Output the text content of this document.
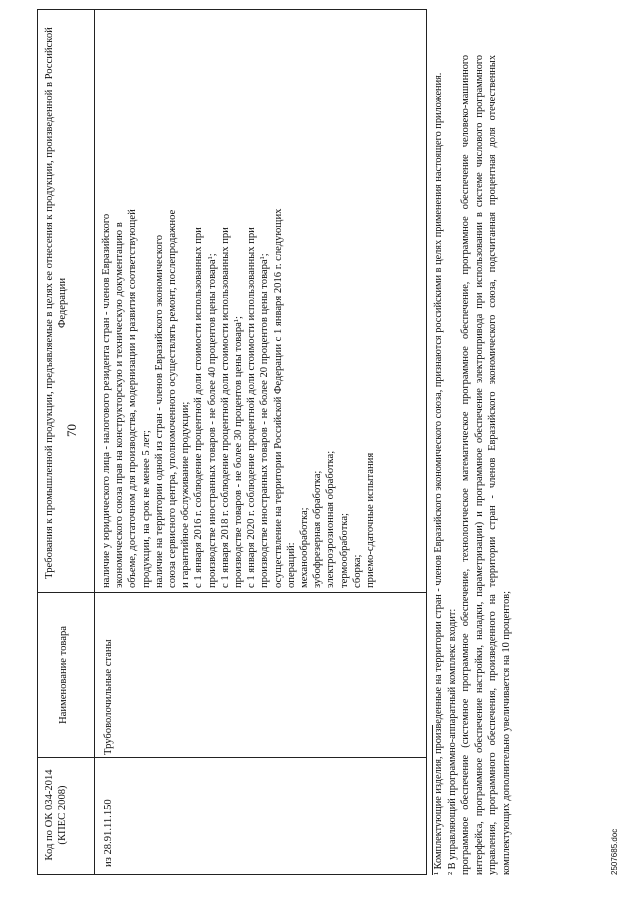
70
Код по ОК 034-2014 (КПЕС 2008)
Наименование товара
Требования к промышленной продукции, предъявляемые в целях ее отнесения к продукции, произведенной в Российской Федерации
из 28.91.11.150
Трубоволочильные станы
наличие у юридического лица - налогового резидента стран - членов Евразийского экономического союза прав на конструкторскую и техническую документацию в объеме, достаточном для производства, модернизации и развития соответствующей продукции, на срок не менее 5 лет; наличие на территории одной из стран - членов Евразийского экономического союза сервисного центра, уполномоченного осуществлять ремонт, послепродажное и гарантийное обслуживание продукции; с 1 января 2016 г. соблюдение процентной доли стоимости использованных при производстве иностранных товаров - не более 40 процентов цены товара¹; с 1 января 2018 г. соблюдение процентной доли стоимости использованных при производстве товаров - не более 30 процентов цены товара¹; с 1 января 2020 г. соблюдение процентной доли стоимости использованных при производстве иностранных товаров - не более 20 процентов цены товара¹; осуществление на территории Российской Федерации с 1 января 2016 г. следующих операций: механообработка; зубофрезерная обработка; электроэрозионная обработка; термообработка; сборка; приемо-сдаточные испытания	¹ Комплектующие изделия, произведенные на территории стран - членов Евразийского экономического союза, признаются российскими в целях применения настоящего приложения. ² В управляющий программно-аппаратный комплекс входит: программное обеспечение (системное программное обеспечение, технологическое математическое программное обеспечение, программное обеспечение человеко-машинного интерфейса, программное обеспечение настройки, наладки, параметризации) и программное обеспечение электропривода при использовании в системе числового программного управления, программного обеспечения, произведенного на территории стран - членов Евразийского экономического союза, подсчитанная процентная доля отечественных комплектующих дополнительно увеличивается на 10 процентов;	2507685.doc
